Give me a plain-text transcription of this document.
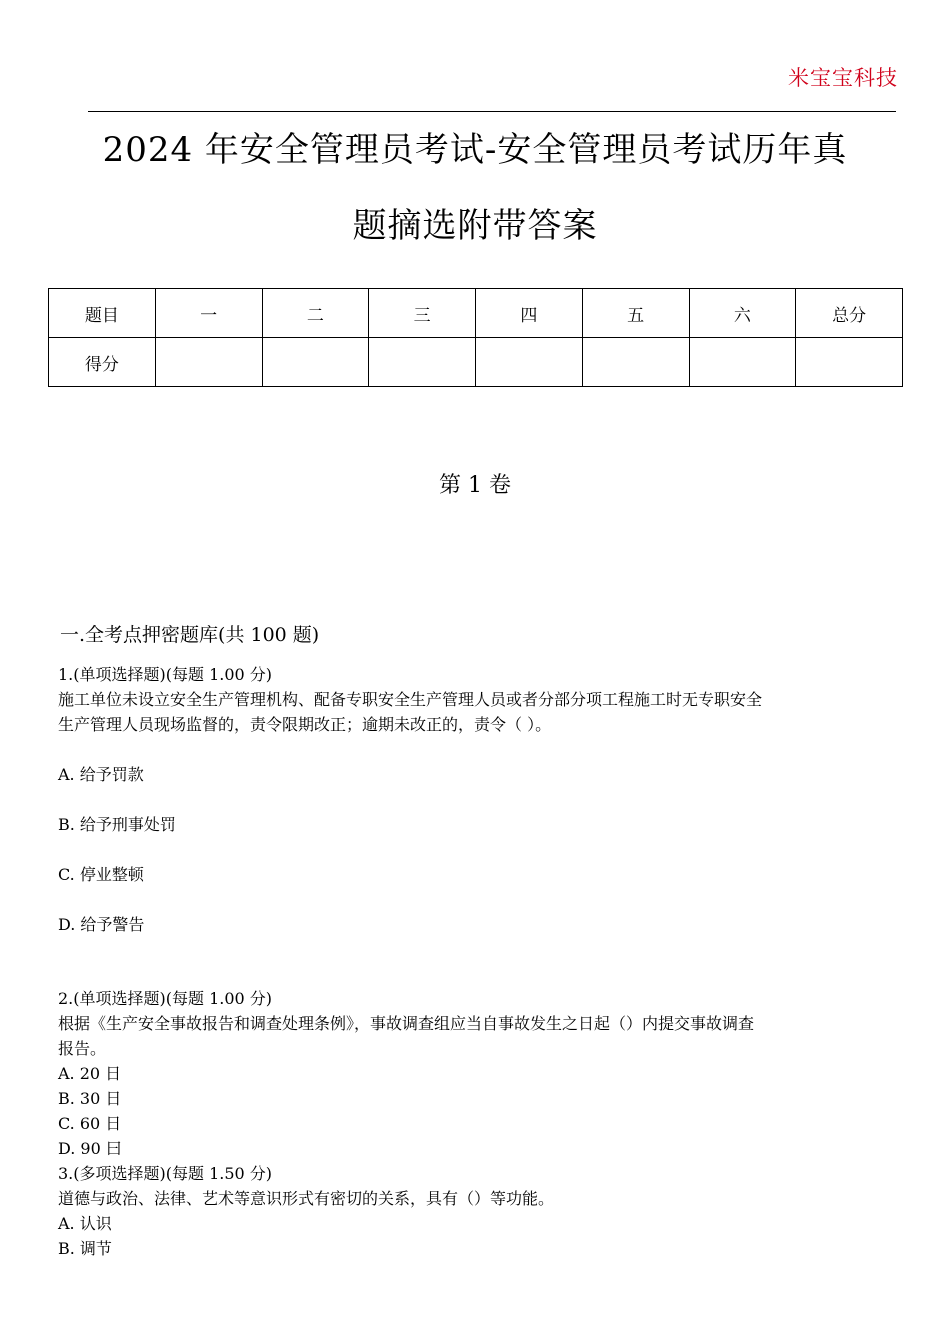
米宝宝科技
2024 年安全管理员考试-安全管理员考试历年真
题摘选附带答案
题目	一	二	三	四	五	六	总分
得分							
第 1 卷
一.全考点押密题库(共 100 题)

1.(单项选择题)(每题 1.00 分)

施工单位未设立安全生产管理机构、配备专职安全生产管理人员或者分部分项工程施工时无专职安全

生产管理人员现场监督的，责令限期改正；逾期未改正的，责令（ ）。

A. 给予罚款
B. 给予刑事处罚
C. 停业整顿
D. 给予警告

2.(单项选择题)(每题 1.00 分)

根据《生产安全事故报告和调查处理条例》，事故调查组应当自事故发生之日起（）内提交事故调查

报告。

A. 20 日

B. 30 日

C. 60 日

D. 90 曰

3.(多项选择题)(每题 1.50 分)

道德与政治、法律、艺术等意识形式有密切的关系，具有（）等功能。

A. 认识

B. 调节
